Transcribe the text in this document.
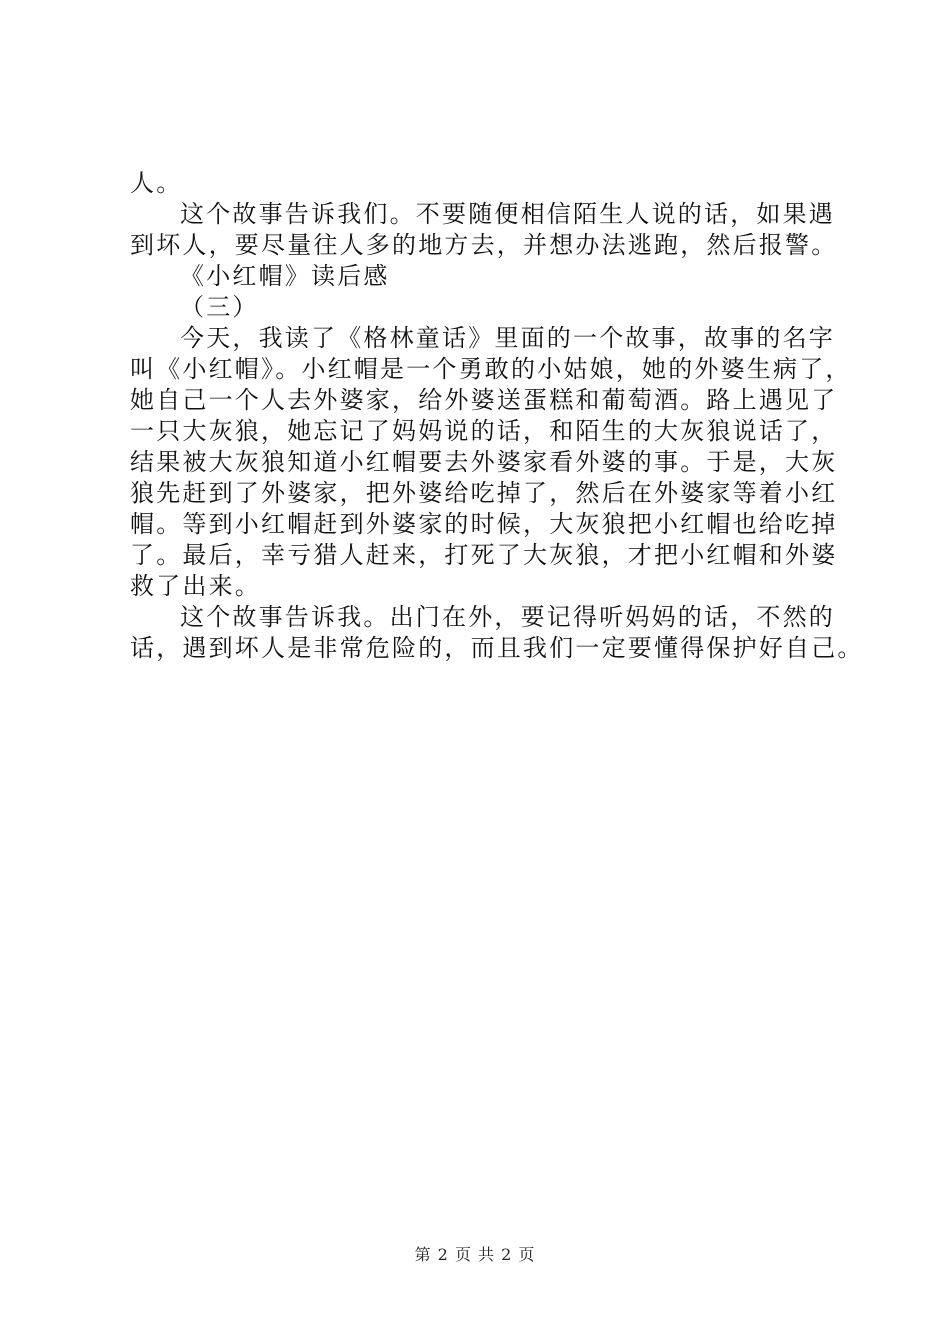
人。
这个故事告诉我们。不要随便相信陌生人说的话，如果遇
到坏人，要尽量往人多的地方去，并想办法逃跑，然后报警。
《小红帽》读后感
（三）
今天，我读了《格林童话》里面的一个故事，故事的名字
叫《小红帽》。小红帽是一个勇敢的小姑娘，她的外婆生病了，
她自己一个人去外婆家，给外婆送蛋糕和葡萄酒。路上遇见了
一只大灰狼，她忘记了妈妈说的话，和陌生的大灰狼说话了，
结果被大灰狼知道小红帽要去外婆家看外婆的事。于是，大灰
狼先赶到了外婆家，把外婆给吃掉了，然后在外婆家等着小红
帽。等到小红帽赶到外婆家的时候，大灰狼把小红帽也给吃掉
了。最后，幸亏猎人赶来，打死了大灰狼，才把小红帽和外婆
救了出来。
这个故事告诉我。出门在外，要记得听妈妈的话，不然的
话，遇到坏人是非常危险的，而且我们一定要懂得保护好自己。
第 2 页 共 2 页
